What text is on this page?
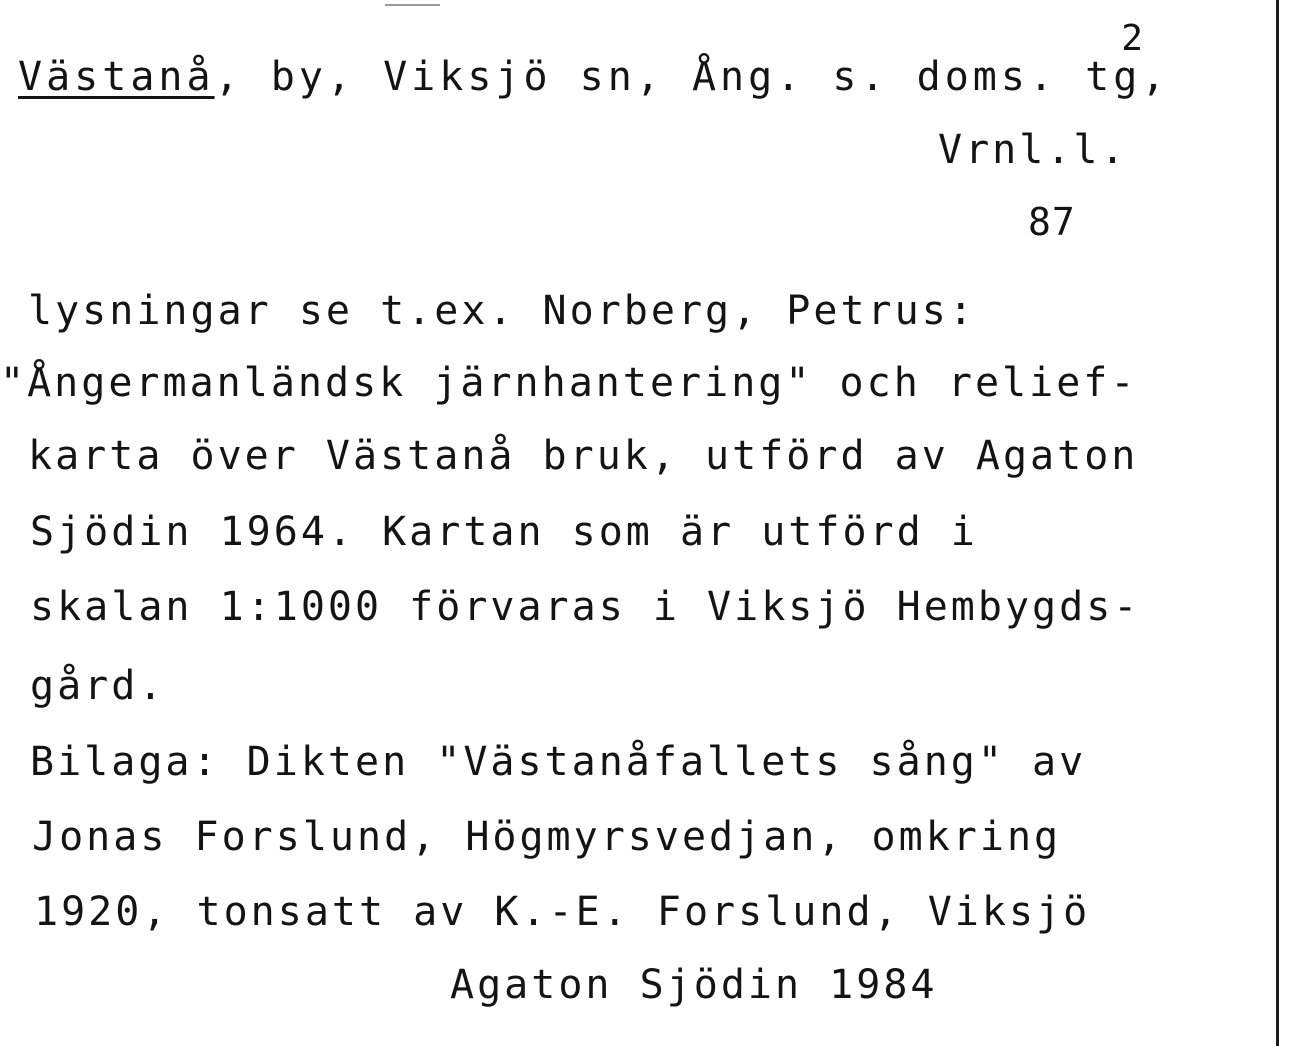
Västanå, by, Viksjö sn, Ång. s. doms. tg
2
,
Vrnl.l.
87
lysningar se t.ex. Norberg, Petrus:
"Ångermanländsk järnhantering" och relief-
karta över Västanå bruk, utförd av Agaton
Sjödin 1964. Kartan som är utförd i
skalan 1:1000 förvaras i Viksjö Hembygds-
gård.
Bilaga: Dikten "Västanåfallets sång" av
Jonas Forslund, Högmyrsvedjan, omkring
1920, tonsatt av K.-E. Forslund, Viksjö
Agaton Sjödin 1984
